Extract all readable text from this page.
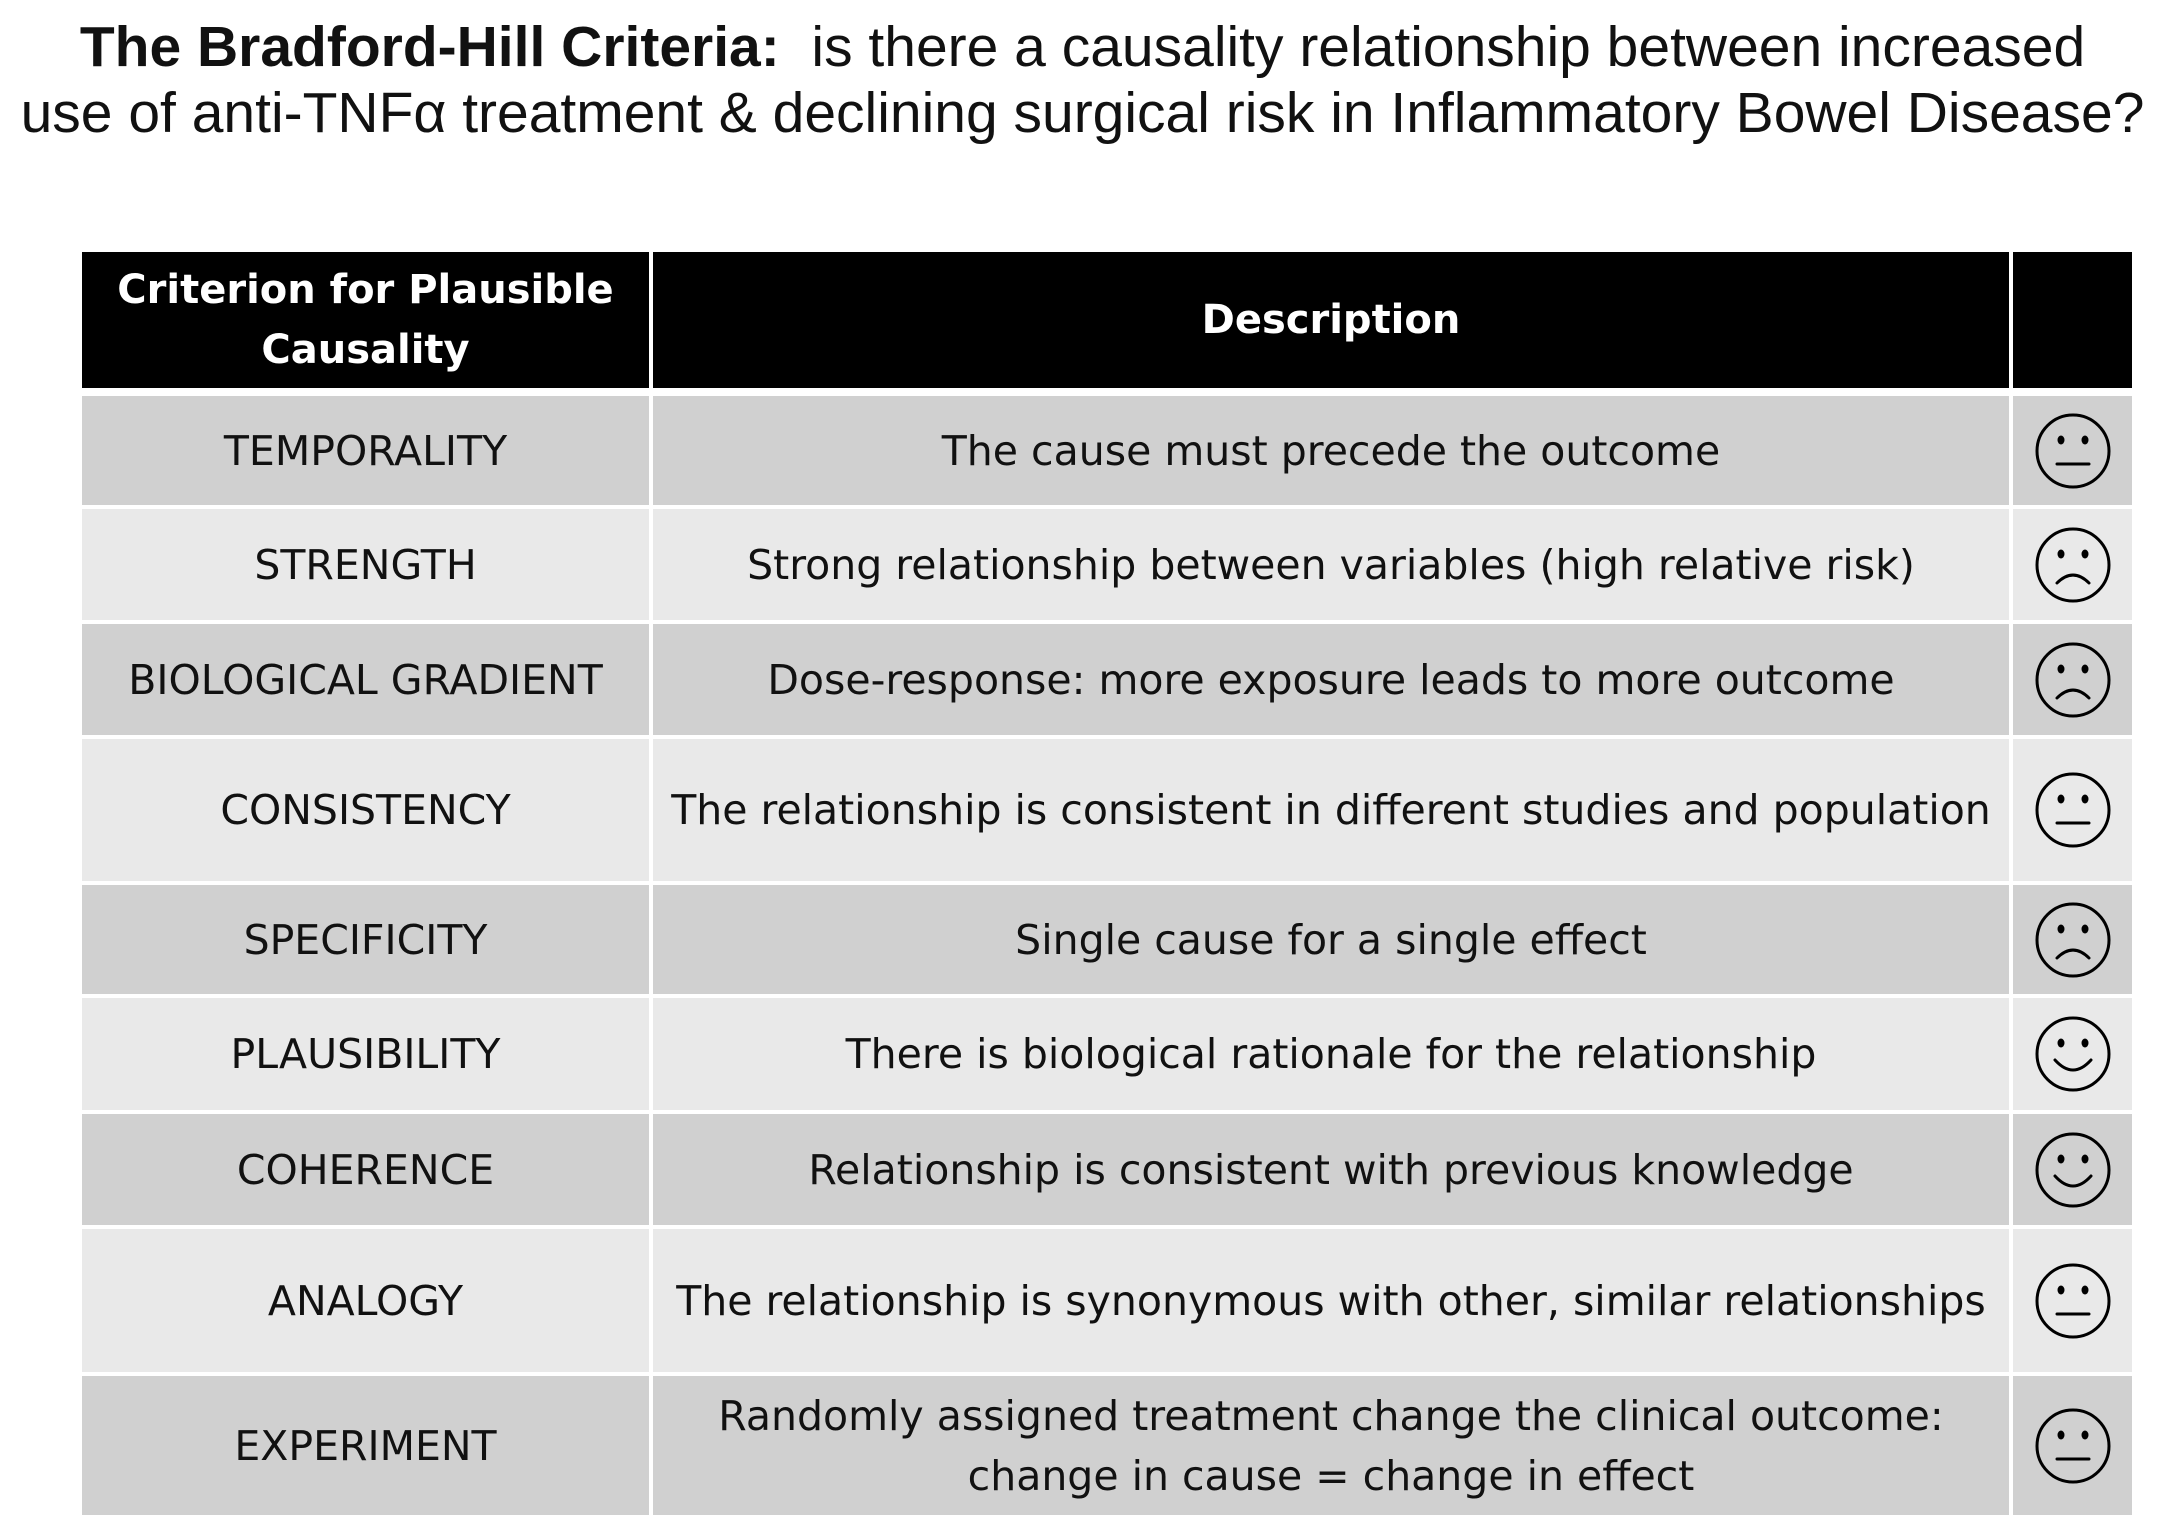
The Bradford-Hill Criteria: is there a causality relationship between increased
use of anti-TNFα treatment & declining surgical risk in Inflammatory Bowel Disease?
Criterion for Plausible Causality	Description	
TEMPORALITY	The cause must precede the outcome	

STRENGTH	Strong relationship between variables (high relative risk)	

BIOLOGICAL GRADIENT	Dose-response: more exposure leads to more outcome	

CONSISTENCY	The relationship is consistent in different studies and population	

SPECIFICITY	Single cause for a single effect	

PLAUSIBILITY	There is biological rationale for the relationship	

COHERENCE	Relationship is consistent with previous knowledge	

ANALOGY	The relationship is synonymous with other, similar relationships	

EXPERIMENT	Randomly assigned treatment change the clinical outcome:
change in cause = change in effect
